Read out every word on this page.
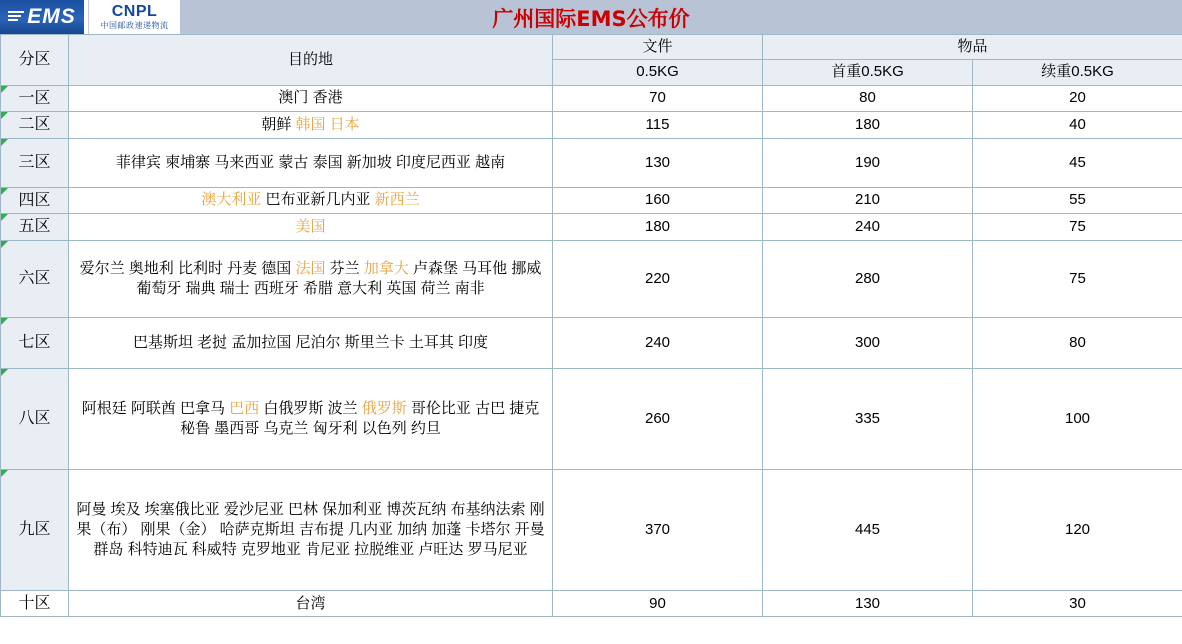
EMS CNPL
中国邮政速递物流	广州国际EMS公布价
分区	目的地	文件	物品	
		0.5KG	首重0.5KG	续重0.5KG
一区	澳门 香港	70	80	20
二区	朝鲜 韩国 日本	115	180	40
三区	菲律宾 柬埔寨 马来西亚 蒙古 泰国 新加坡 印度尼西亚 越南	130	190	45
四区	澳大利亚 巴布亚新几内亚 新西兰	160	210	55
五区	美国	180	240	75
六区	爱尔兰 奥地利 比利时 丹麦 德国 法国 芬兰 加拿大 卢森堡 马耳他 挪威 葡萄牙 瑞典 瑞士 西班牙 希腊 意大利 英国 荷兰 南非	220	280	75
七区	巴基斯坦 老挝 孟加拉国 尼泊尔 斯里兰卡 土耳其 印度	240	300	80
八区	阿根廷 阿联酋 巴拿马 巴西 白俄罗斯 波兰 俄罗斯 哥伦比亚 古巴 捷克 秘鲁 墨西哥 乌克兰 匈牙利 以色列 约旦	260	335	100
九区	阿曼 埃及 埃塞俄比亚 爱沙尼亚 巴林 保加利亚 博茨瓦纳 布基纳法索 刚果（布） 刚果（金） 哈萨克斯坦 吉布提 几内亚 加纳 加蓬 卡塔尔 开曼群岛 科特迪瓦 科威特 克罗地亚 肯尼亚 拉脱维亚 卢旺达 罗马尼亚	370	445	120
十区	台湾	90	130	30
